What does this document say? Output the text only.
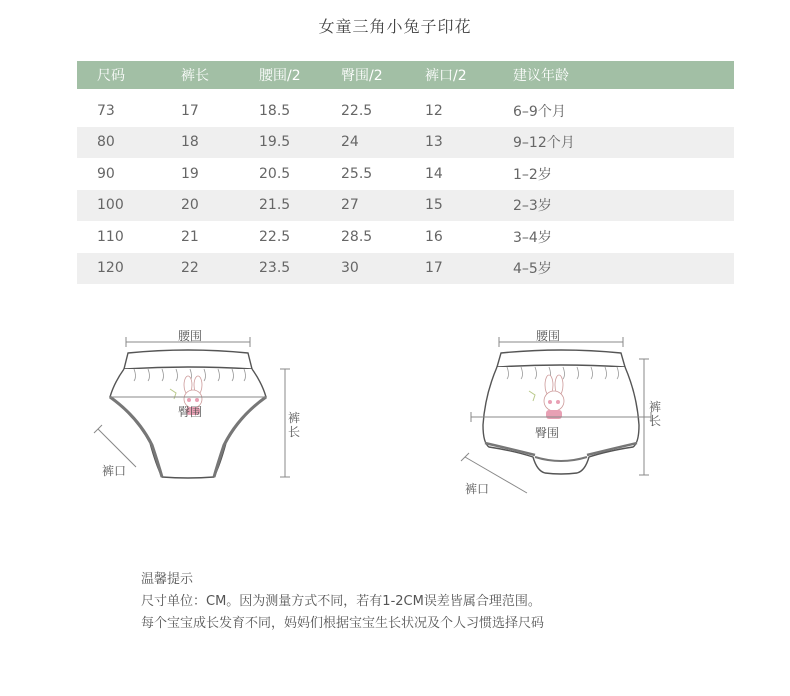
女童三角小兔子印花
尺码	裤长	腰围/2	臀围/2	裤口/2	建议年龄

73	17	18.5	22.5	12	6–9个月
80	18	19.5	24	13	9–12个月
90	19	20.5	25.5	14	1–2岁
100	20	21.5	27	15	2–3岁
110	21	22.5	28.5	16	3–4岁
120	22	23.5	30	17	4–5岁
腰围
臀围	裤
长
裤口
腰围
臀围
裤
长
裤口
温馨提示
尺寸单位：CM。因为测量方式不同，若有1-2CM误差皆属合理范围。
每个宝宝成长发育不同，妈妈们根据宝宝生长状况及个人习惯选择尺码
